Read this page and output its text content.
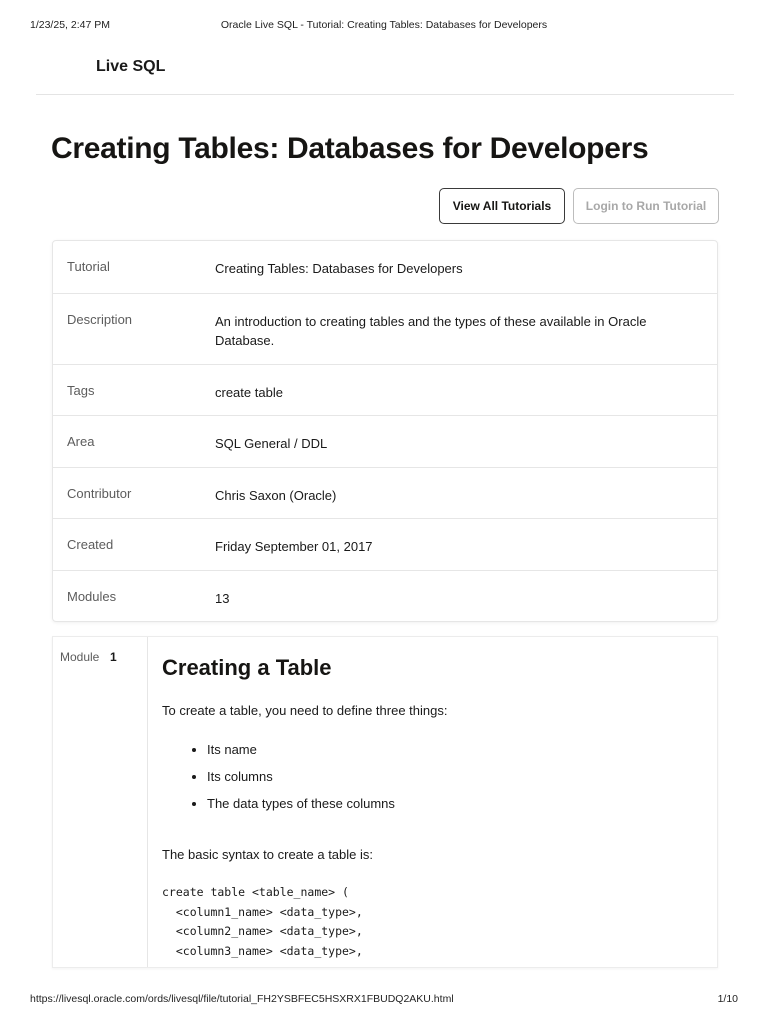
1/23/25, 2:47 PM	Oracle Live SQL - Tutorial: Creating Tables: Databases for Developers
Live SQL
Creating Tables: Databases for Developers
View All Tutorials	Login to Run Tutorial
Tutorial	Creating Tables: Databases for Developers
Description	An introduction to creating tables and the types of these available in Oracle Database.
Tags	create table
Area	SQL General / DDL
Contributor	Chris Saxon (Oracle)
Created	Friday September 01, 2017
Modules	13
Module 1 Creating a Table

To create a table, you need to define three things:

• Its name
• Its columns
• The data types of these columns

The basic syntax to create a table is:

create table <table_name> (
<column1_name> <data_type>,
<column2_name> <data_type>,
<column3_name> <data_type>,
https://livesql.oracle.com/ords/livesql/file/tutorial_FH2YSBFEC5HSXRX1FBUDQ2AKU.html	1/10
